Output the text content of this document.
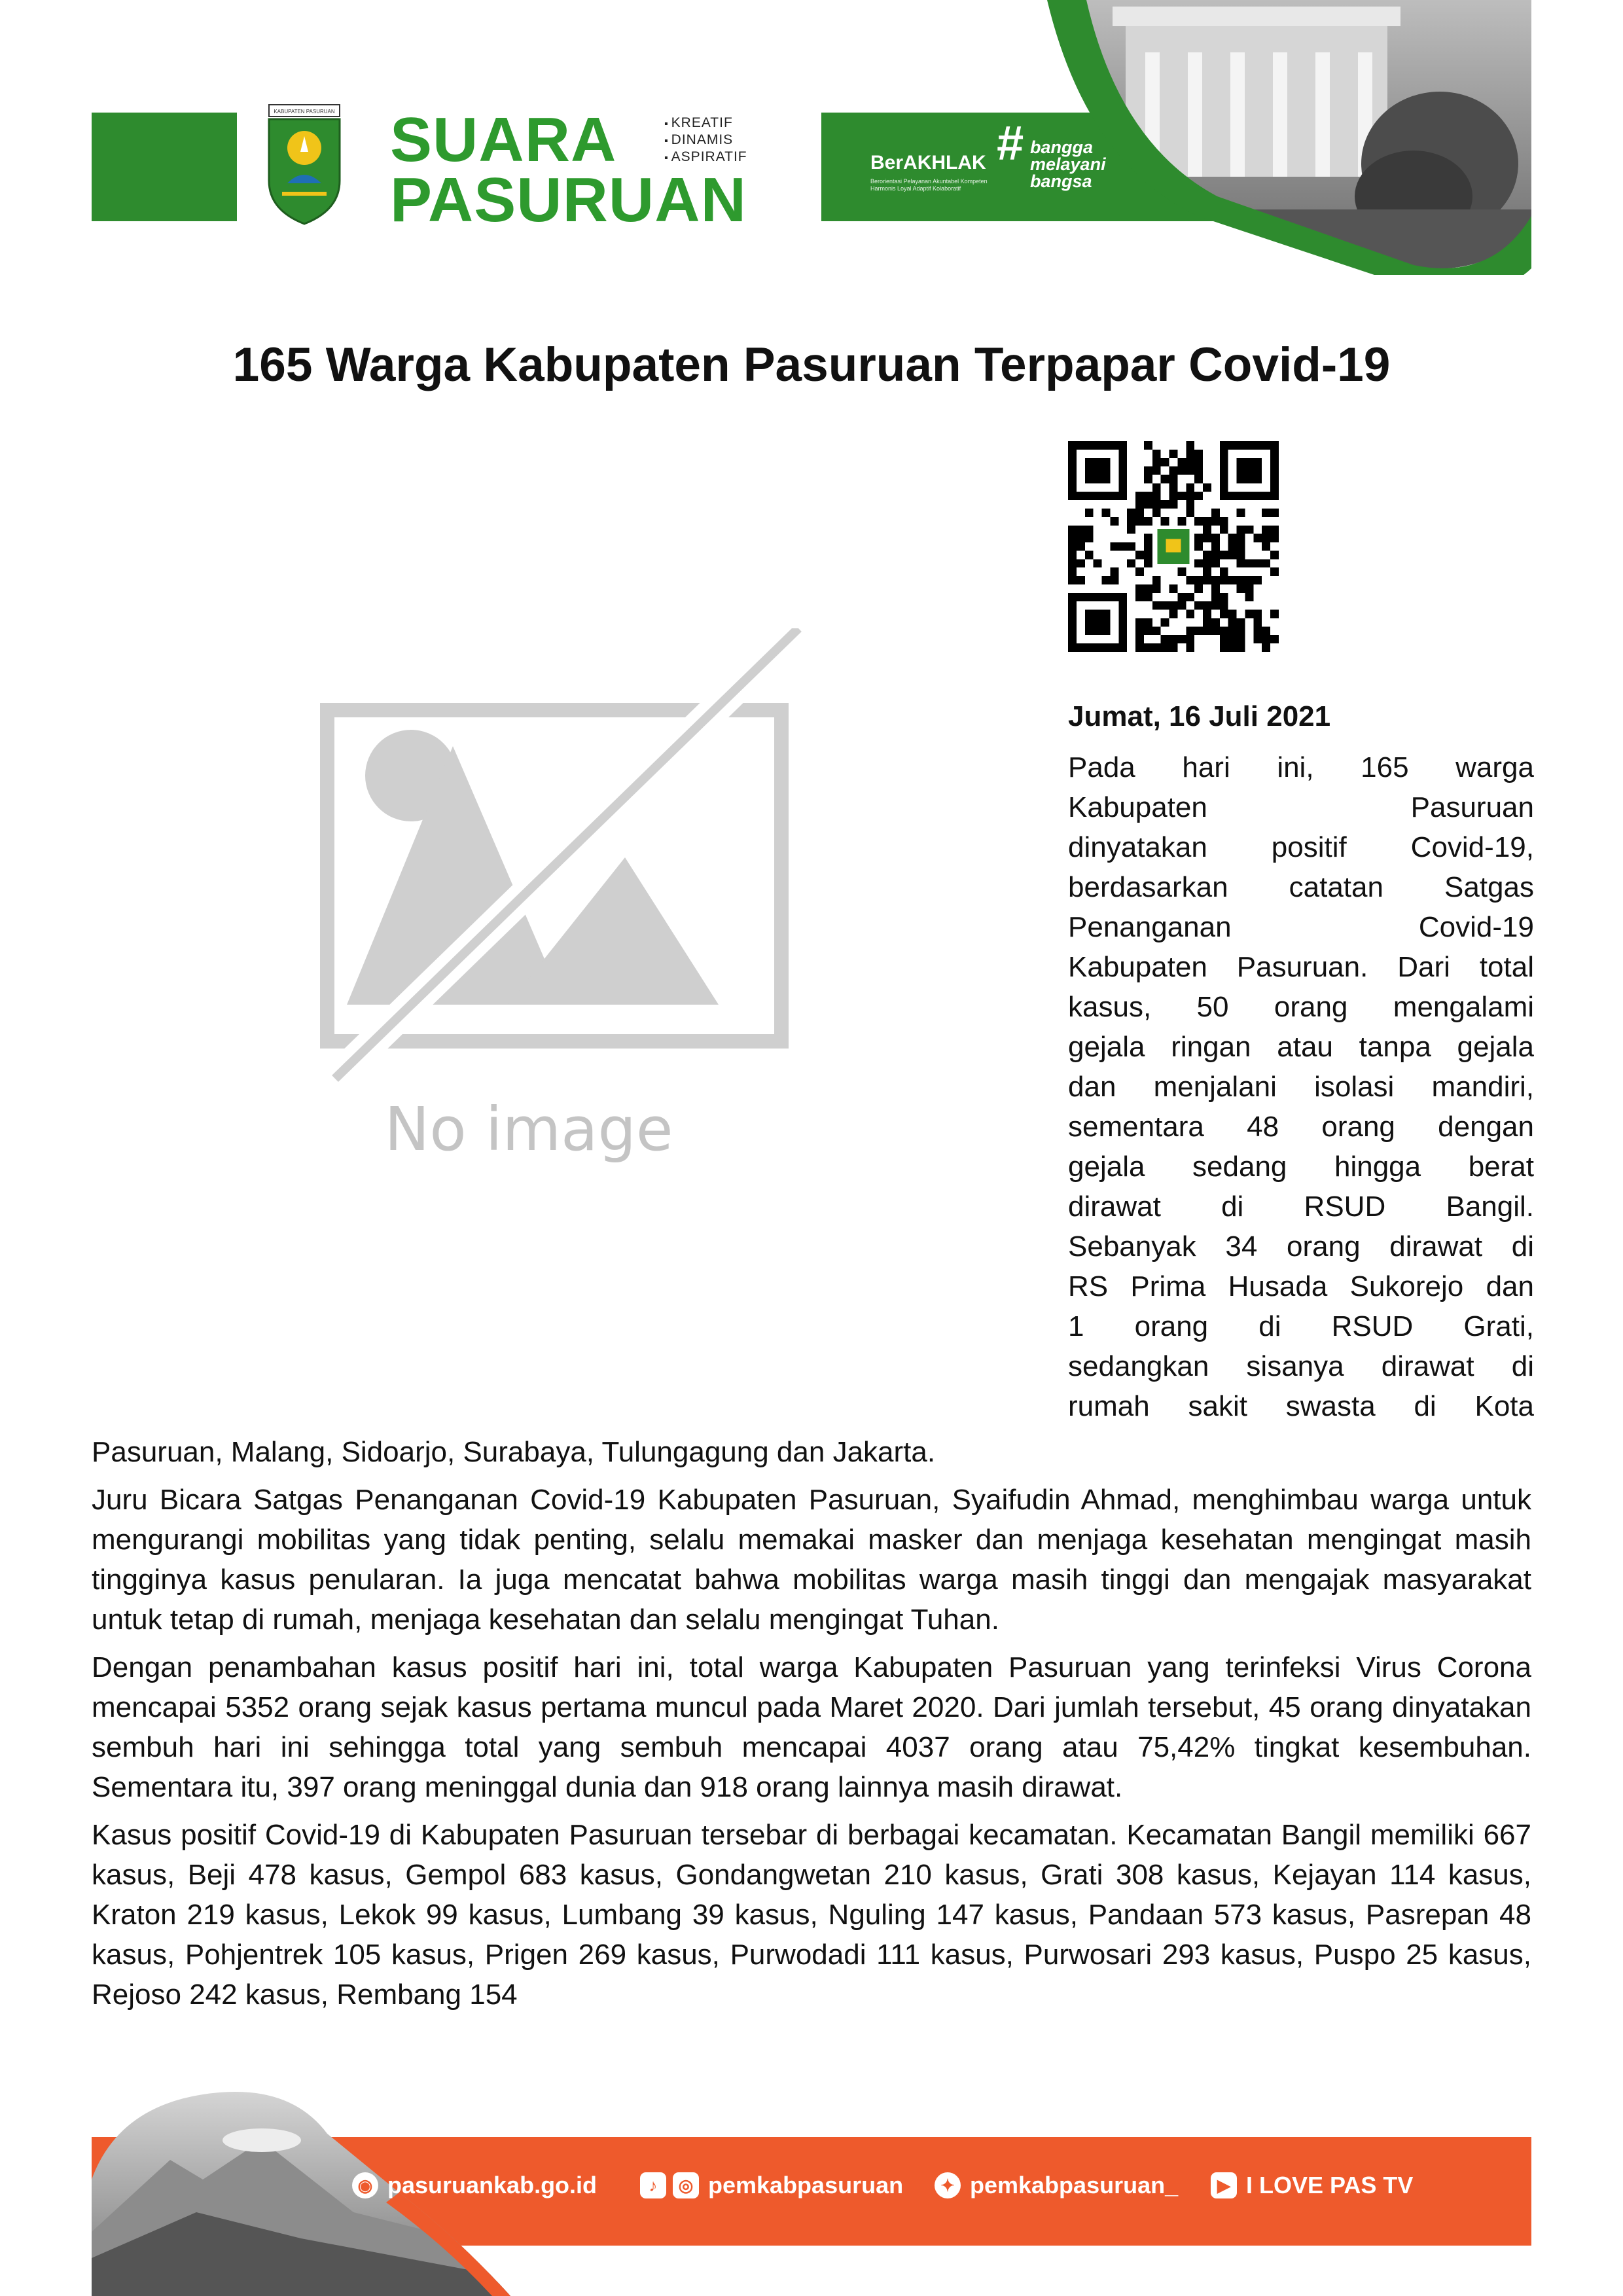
KABUPATEN PASURUAN SUARA
PASURUAN
▪ KREATIF
▪ DINAMIS
▪ ASPIRATIF	BerAKHLAK
Berorientasi Pelayanan Akuntabel Kompeten Harmonis Loyal Adaptif Kolaboratif
# bangga
melayani
bangsa
165 Warga Kabupaten Pasuruan Terpapar Covid-19
No image
Jumat, 16 Juli 2021
Pada hari ini, 165 warga
Kabupaten Pasuruan
dinyatakan positif Covid-19,
berdasarkan catatan Satgas
Penanganan Covid-19
Kabupaten Pasuruan. Dari total
kasus, 50 orang mengalami
gejala ringan atau tanpa gejala
dan menjalani isolasi mandiri,
sementara 48 orang dengan
gejala sedang hingga berat
dirawat di RSUD Bangil.
Sebanyak 34 orang dirawat di
RS Prima Husada Sukorejo dan
1 orang di RSUD Grati,
sedangkan sisanya dirawat di
rumah sakit swasta di Kota

Pasuruan, Malang, Sidoarjo, Surabaya, Tulungagung dan Jakarta.

Juru Bicara Satgas Penanganan Covid-19 Kabupaten Pasuruan, Syaifudin Ahmad, menghimbau warga untuk mengurangi mobilitas yang tidak penting, selalu memakai masker dan menjaga kesehatan mengingat masih tingginya kasus penularan. Ia juga mencatat bahwa mobilitas warga masih tinggi dan mengajak masyarakat untuk tetap di rumah, menjaga kesehatan dan selalu mengingat Tuhan.

Dengan penambahan kasus positif hari ini, total warga Kabupaten Pasuruan yang terinfeksi Virus Corona mencapai 5352 orang sejak kasus pertama muncul pada Maret 2020. Dari jumlah tersebut, 45 orang dinyatakan sembuh hari ini sehingga total yang sembuh mencapai 4037 orang atau 75,42% tingkat kesembuhan. Sementara itu, 397 orang meninggal dunia dan 918 orang lainnya masih dirawat.

Kasus positif Covid-19 di Kabupaten Pasuruan tersebar di berbagai kecamatan. Kecamatan Bangil memiliki 667 kasus, Beji 478 kasus, Gempol 683 kasus, Gondangwetan 210 kasus, Grati 308 kasus, Kejayan 114 kasus, Kraton 219 kasus, Lekok 99 kasus, Lumbang 39 kasus, Nguling 147 kasus, Pandaan 573 kasus, Pasrepan 48 kasus, Pohjentrek 105 kasus, Prigen 269 kasus, Purwodadi 111 kasus, Purwosari 293 kasus, Puspo 25 kasus, Rejoso 242 kasus, Rembang 154

◉ pasuruankab.go.id	♪	◎ pemkabpasuruan	✦ pemkabpasuruan_	▶ I LOVE PAS TV
